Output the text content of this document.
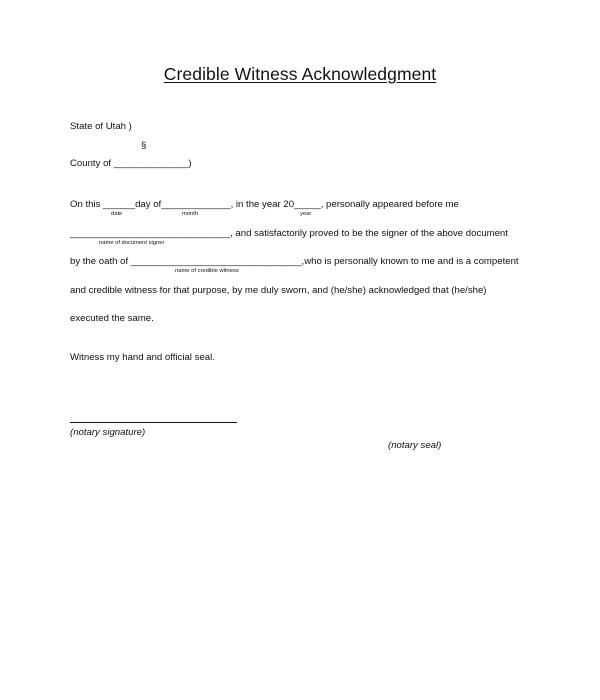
Credible Witness Acknowledgment
State of Utah )
§
County of ______________)
On this ______day of_____________, in the year 20_____, personally appeared before me
date	month	year
______________________________, and satisfactorily proved to be the signer of the above document
name of document signer
by the oath of ________________________________,who is personally known to me and is a competent
name of credible witness
and credible witness for that purpose, by me duly sworn, and (he/she) acknowledged that (he/she)
executed the same.
Witness my hand and official seal.
(notary signature)
(notary seal)
